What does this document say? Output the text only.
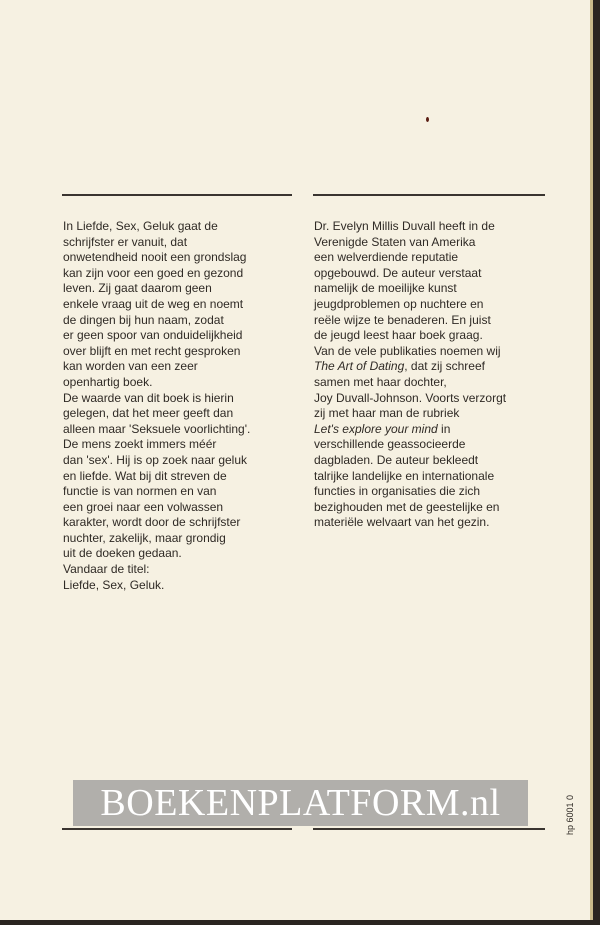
In Liefde, Sex, Geluk gaat de
schrijfster er vanuit, dat
onwetendheid nooit een grondslag
kan zijn voor een goed en gezond
leven. Zij gaat daarom geen
enkele vraag uit de weg en noemt
de dingen bij hun naam, zodat
er geen spoor van onduidelijkheid
over blijft en met recht gesproken
kan worden van een zeer
openhartig boek.
De waarde van dit boek is hierin
gelegen, dat het meer geeft dan
alleen maar 'Seksuele voorlichting'.
De mens zoekt immers méér
dan 'sex'. Hij is op zoek naar geluk
en liefde. Wat bij dit streven de
functie is van normen en van
een groei naar een volwassen
karakter, wordt door de schrijfster
nuchter, zakelijk, maar grondig
uit de doeken gedaan.
Vandaar de titel:
Liefde, Sex, Geluk.
Dr. Evelyn Millis Duvall heeft in de
Verenigde Staten van Amerika
een welverdiende reputatie
opgebouwd. De auteur verstaat
namelijk de moeilijke kunst
jeugdproblemen op nuchtere en
reële wijze te benaderen. En juist
de jeugd leest haar boek graag.
Van de vele publikaties noemen wij
The Art of Dating, dat zij schreef
samen met haar dochter,
Joy Duvall-Johnson. Voorts verzorgt
zij met haar man de rubriek
Let's explore your mind in
verschillende geassocieerde
dagbladen. De auteur bekleedt
talrijke landelijke en internationale
functies in organisaties die zich
bezighouden met de geestelijke en
materiële welvaart van het gezin.
BOEKENPLATFORM.nl	hp 6001 0
